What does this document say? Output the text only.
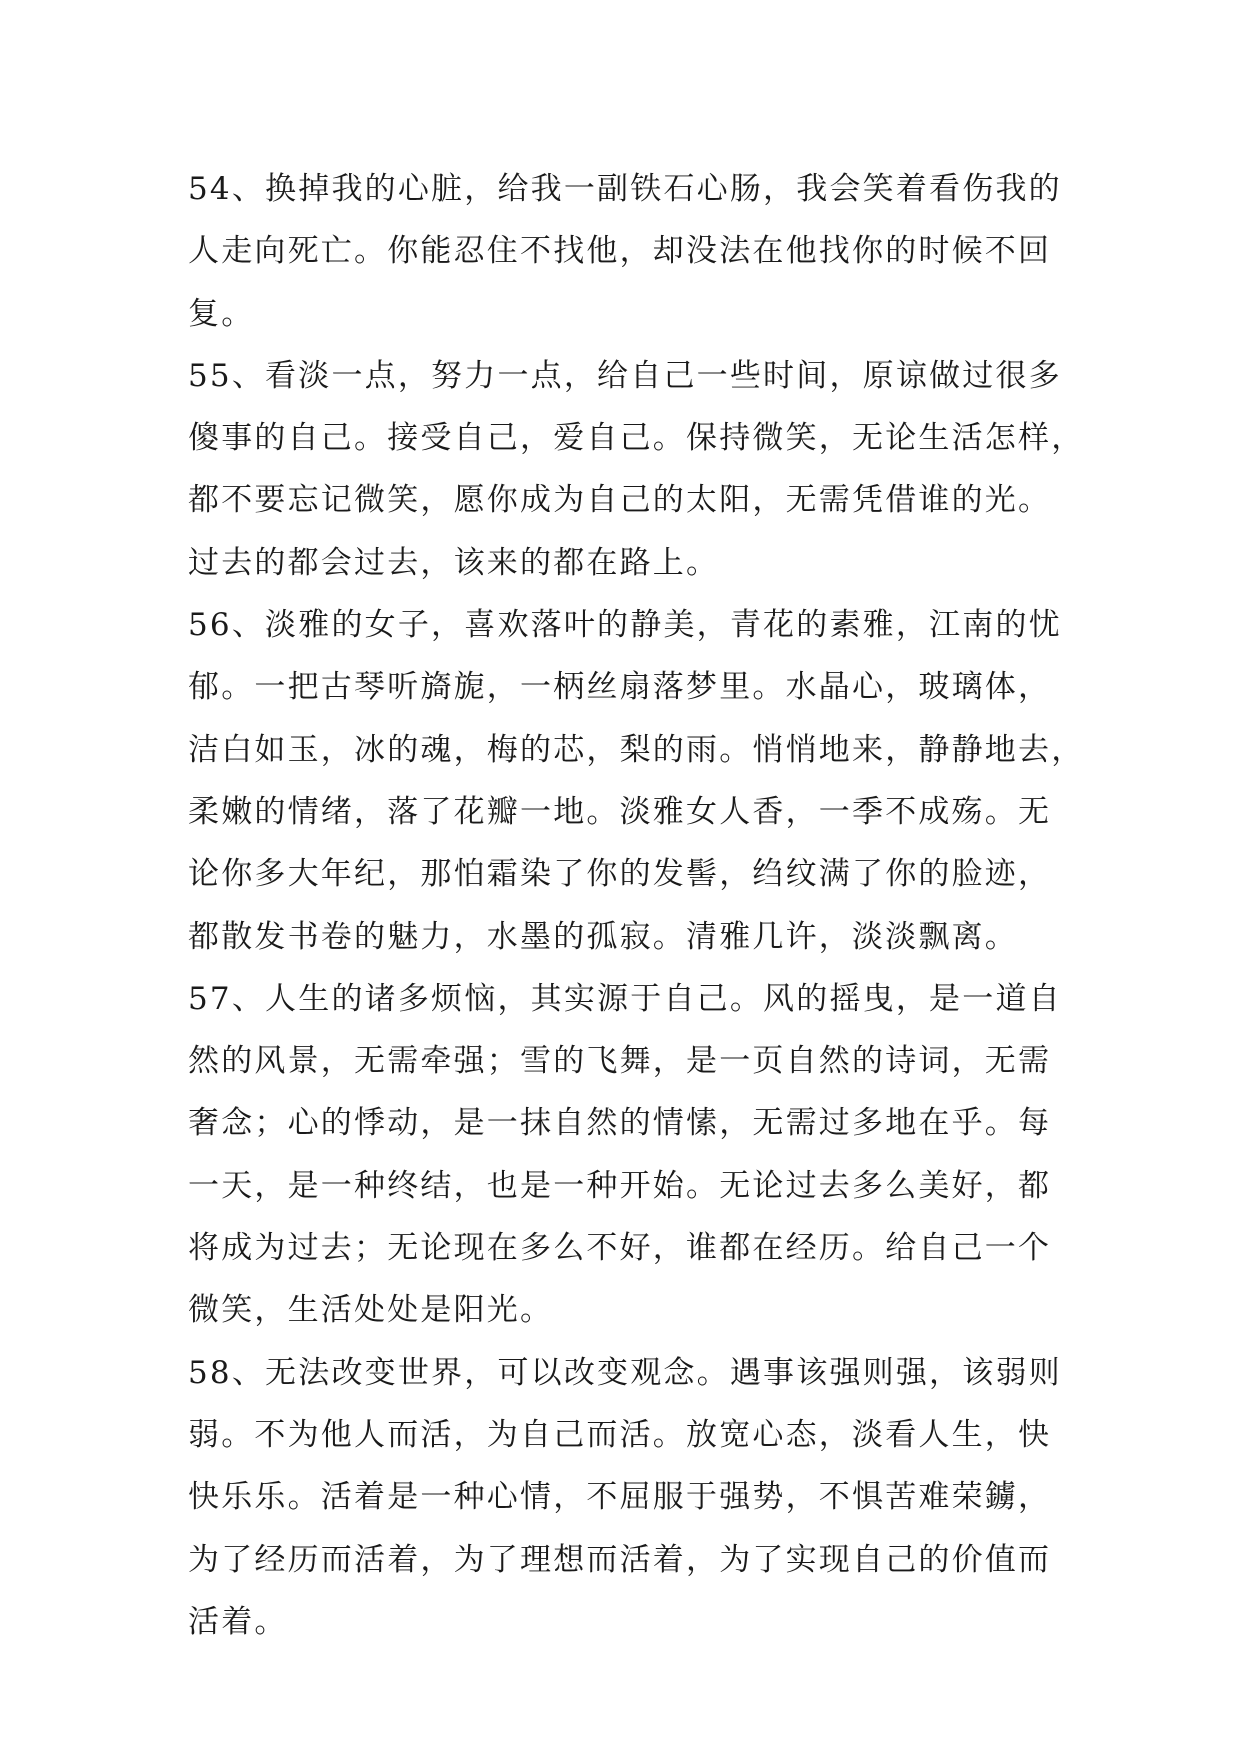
54、换掉我的心脏，给我一副铁石心肠，我会笑着看伤我的
人走向死亡。你能忍住不找他，却没法在他找你的时候不回
复。
55、看淡一点，努力一点，给自己一些时间，原谅做过很多
傻事的自己。接受自己，爱自己。保持微笑，无论生活怎样，
都不要忘记微笑，愿你成为自己的太阳，无需凭借谁的光。
过去的都会过去，该来的都在路上。
56、淡雅的女子，喜欢落叶的静美，青花的素雅，江南的忧
郁。一把古琴听旖旎，一柄丝扇落梦里。水晶心，玻璃体，
洁白如玉，冰的魂，梅的芯，梨的雨。悄悄地来，静静地去，
柔嫩的情绪，落了花瓣一地。淡雅女人香，一季不成殇。无
论你多大年纪，那怕霜染了你的发髻，绉纹满了你的脸迹，
都散发书卷的魅力，水墨的孤寂。清雅几许，淡淡飘离。
57、人生的诸多烦恼，其实源于自己。风的摇曳，是一道自
然的风景，无需牵强；雪的飞舞，是一页自然的诗词，无需
奢念；心的悸动，是一抹自然的情愫，无需过多地在乎。每
一天，是一种终结，也是一种开始。无论过去多么美好，都
将成为过去；无论现在多么不好，谁都在经历。给自己一个
微笑，生活处处是阳光。
58、无法改变世界，可以改变观念。遇事该强则强，该弱则
弱。不为他人而活，为自己而活。放宽心态，淡看人生，快
快乐乐。活着是一种心情，不屈服于强势，不惧苦难荣鐪，
为了经历而活着，为了理想而活着，为了实现自己的价值而
活着。
